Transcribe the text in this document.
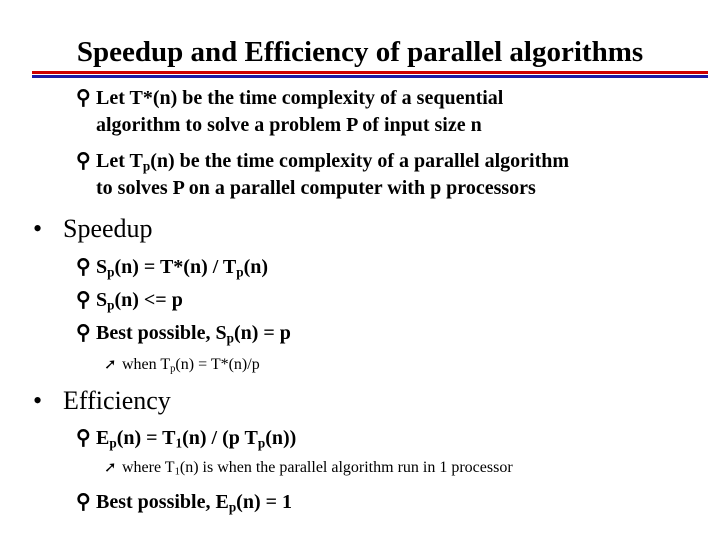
Speedup and Efficiency of parallel algorithms
⚲ Let T*(n) be the time complexity of a sequential
algorithm to solve a problem P of input size n
⚲ Let $T_p(n)$ be the time complexity of a parallel algorithm
to solves P on a parallel computer with p processors
• Speedup
⚲ $S_p(n) = T*(n) / T_p(n)$
⚲ $S_p(n) <= p$
⚲ Best possible, $S_p(n) = p$
➚ when $T_p(n) = T*(n)/p$
• Efficiency
⚲ $E_p(n) = T_1(n) / (p$ $T_p(n)$)
➚ where $T_1(n)$ is when the parallel algorithm run in 1 processor
⚲ Best possible, $E_p(n) = 1$
